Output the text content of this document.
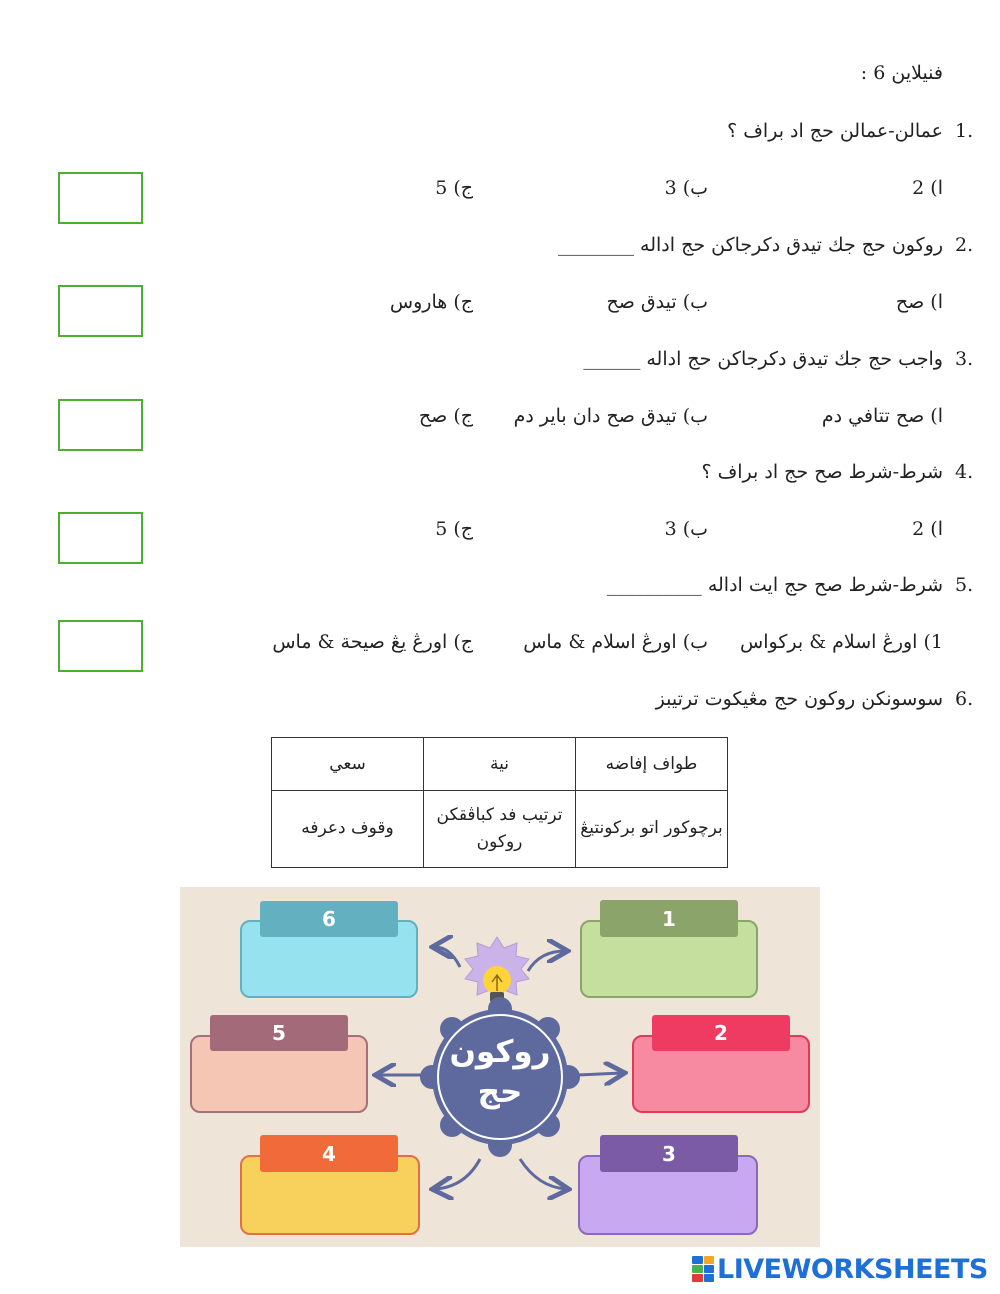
فنيلاين 6 :
عمالن-عمالن حج اد براف ؟ 1.
ا) 2
ب) 3
ج) 5
روكون حج جك تيدق دكرجاكن حج اداله ________ 2.
ا) صح
ب) تيدق صح
ج) هاروس
واجب حج جك تيدق دكرجاكن حج اداله ______ 3.
ا) صح تتافي دم
ب) تيدق صح دان باير دم
ج) صح
شرط-شرط صح حج اد براف ؟ 4.
ا) 2
ب) 3
ج) 5
شرط-شرط صح حج ايت اداله __________ 5.
1) اورڠ اسلام & بركواس
ب) اورڠ اسلام & ماس
ج) اورڠ يڠ صيحة & ماس
سوسونكن روكون حج مڠيكوت ترتيبز 6.
طواف إفاضه	نية	سعي
برچوكور اتو بركونتيڠ	ترتيب فد كباڤقكن روكون	وقوف دعرفه
روكون حج
6	1
5	2
4	3
LIVEWORKSHEETS
